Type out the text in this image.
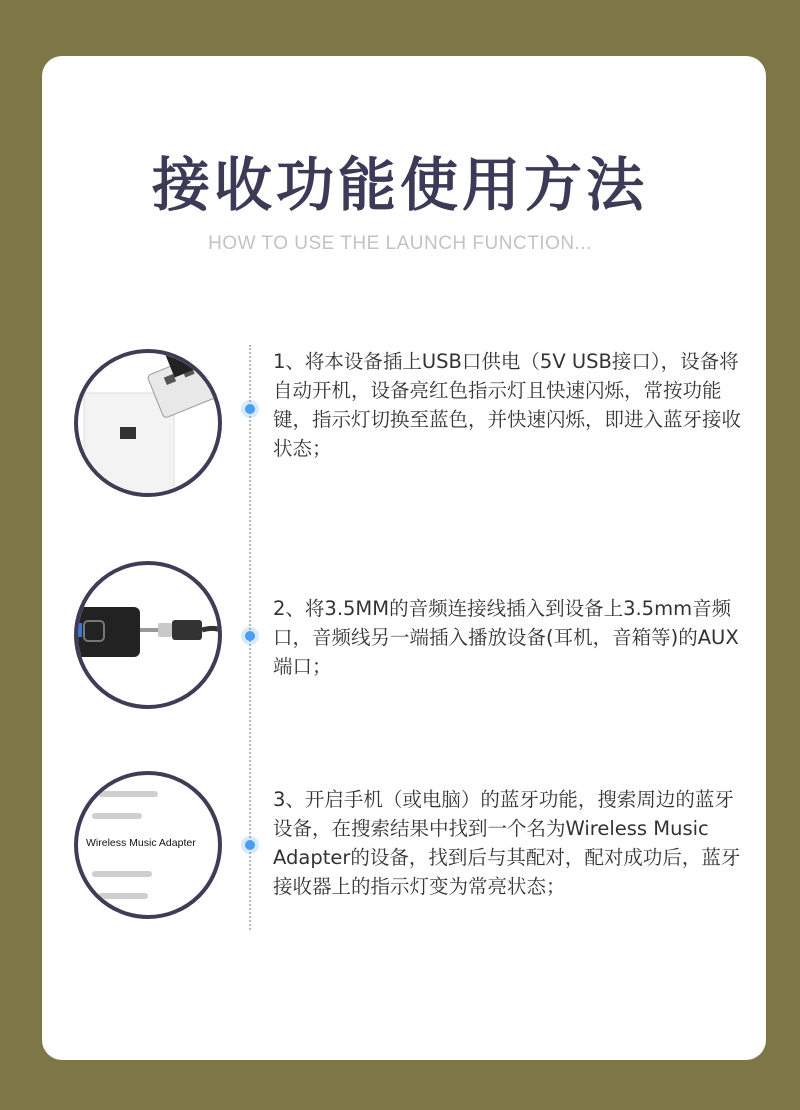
接收功能使用方法
HOW TO USE THE LAUNCH FUNCTION...
1、将本设备插上USB口供电（5V USB接口），设备将自动开机，设备亮红色指示灯且快速闪烁，常按功能键，指示灯切换至蓝色，并快速闪烁，即进入蓝牙接收状态；
2、将3.5MM的音频连接线插入到设备上3.5mm音频口，音频线另一端插入播放设备(耳机，音箱等)的AUX端口；
Wireless Music Adapter
3、开启手机（或电脑）的蓝牙功能，搜索周边的蓝牙设备，在搜索结果中找到一个名为Wireless Music Adapter的设备，找到后与其配对，配对成功后，蓝牙接收器上的指示灯变为常亮状态；
